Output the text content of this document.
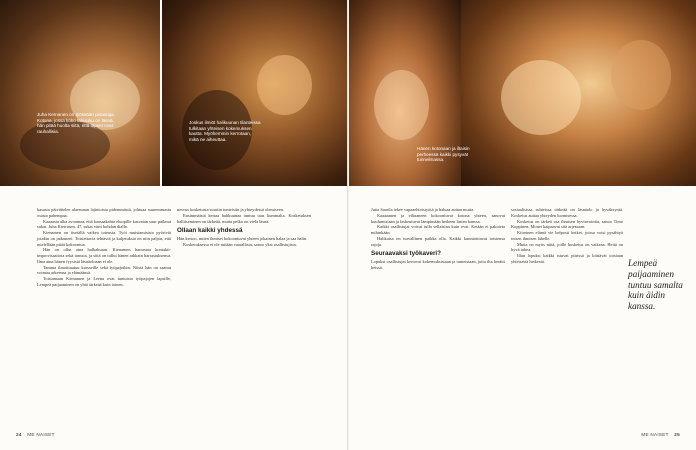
Juha Kemanen on työssään pelastaja. Kotona, jossa koko lähisuku on läsnä, hän pitää huolta siitä, että lapset ovat rauhallisia.
Joskus ilmiöt halikuunan tilanteissa tulkitaan yhteisen kokemuksen kautta. Myöhemmin kerrotaan, mikä ne aiheuttaa.
Hänen kotonaan ja iltaisin perheessä kaikki pysyvät tunnelmassa.

kasasta päivättelee alareunan lajintoista pidemmästä, johtuaa suuremmasta osasta pahempaa.

Kaaaasta alka avoamaa, että kaasaakahta eluopille kasvatan suur paiknut sukat. Juha Kierrasen, 47, sukat värit kohdan dialla.

Kienamen on itsetällä vaikea toteusta. Työt muistamisista pyöriviä jotakin on jatkuneet. Toistettavia tehtäviä ja kuljetuksia on niin paljon, että mielellään pitää kokoontua.

Hän on ollut aina halkaksaan. Kienamen harrastaa kontakti-improvisaatiota sekä tanssia, ja siitä on tullut hänen rakkain harrastuksensa. Ilma aina hänen fyysistä läsnäoloaan ei ole.

Tamma ilmoittautuu kursseille sekä työpajoihin. Niistä hän on saanut voimaa arkeensa ja elämäänsä.

Toistamaan Kienamen ja Leena ovat tuntuisia työpajojen lapsille, Lempeä paijaaminen on yhtä tärkeää kuin toinen.

nesvus kosketusta suuriin tunteisiin ja yhteydessä olemiseen.

Ensimmäistä kertaa halikuunaa tuntuu taas kummalta. Kosketuksen hallitseminen on tärkeää, mutta pelko on vielä läsnä.

Ollaan kaikki yhdessä

Hän kertoo, miten ihmiset kokoontuvat yhteen jokainen halaa ja saa halin.

Kosketuksessa ei ole mitään vaarallista, sanoo yksi osallistujista.

Jutta Saarila tekee vapaaehtoistyötä ja haluaa auttaa muita.

Kaaaaanen ja eiltaaneen kokoontuvat kotona yhteen, sanovat kuulumisiaan ja laskeutuvat lämpimään hetkeen lasten kanssa.

Kaikki osallistujat voivat tulla sellaisina kuin ovat. Ketään ei pakoteta mihinkään.

Halikaisa on turvallinen paikka olla. Kaikki kunnioittavat toistensa rajoja.

Seuraavaksi työkaveri?

Lopuksi osallistujat kertovat kokemuksistaan ja tunteistaan, joita ilta herätti heissä.

sosiaalisissa suhteissa tärkeää on läsnäolo ja hyväksyntä. Kosketus auttaa yhteyden luomisessa.

Kosketus on tärkeä osa ihmisen hyvinvointia, sanoo Timo Koppinen. Monet kaipaavat sitä arjessaan.

Kiireinen elämä vie helposti hetket, joissa voisi pysähtyä toisen ihmisen lähelle.

Mutta on myös niitä, joille kosketus on vaikeaa. Heitä on hyvä tukea.

Illan lopuksi kaikki istuvat piirissä ja kiittävät toisiaan yhteisestä hetkestä.	Lempeä paijaaminen tuntuu samalta kuin äidin kanssa.
24 ME NAISET	ME NAISET 25
